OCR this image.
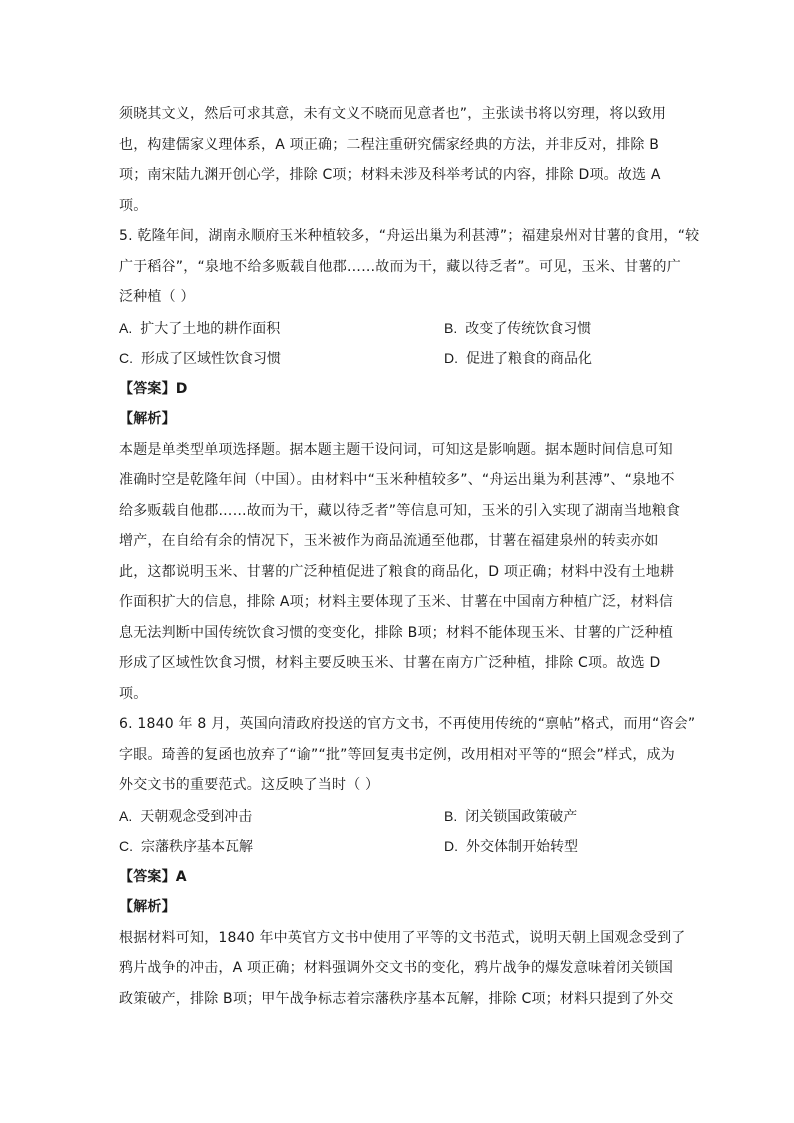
须晓其文义，然后可求其意，未有文义不晓而见意者也”，主张读书将以穷理，将以致用
也，构建儒家义理体系，A 项正确；二程注重研究儒家经典的方法，并非反对，排除 B
项；南宋陆九渊开创心学，排除 C项；材料未涉及科举考试的内容，排除 D项。故选 A
项。
5. 乾隆年间，湖南永顺府玉米种植较多，“舟运出巢为利甚溥”；福建泉州对甘薯的食用，“较
广于稻谷”，“泉地不给多贩载自他郡……故而为干，藏以待乏者”。可见，玉米、甘薯的广
泛种植（ ）
A. 扩大了土地的耕作面积	B. 改变了传统饮食习惯
C. 形成了区域性饮食习惯	D. 促进了粮食的商品化
【答案】D
【解析】
本题是单类型单项选择题。据本题主题干设问词，可知这是影响题。据本题时间信息可知
准确时空是乾隆年间（中国）。由材料中“玉米种植较多”、“舟运出巢为利甚溥”、“泉地不
给多贩载自他郡……故而为干，藏以待乏者”等信息可知，玉米的引入实现了湖南当地粮食
增产，在自给有余的情况下，玉米被作为商品流通至他郡，甘薯在福建泉州的转卖亦如
此，这都说明玉米、甘薯的广泛种植促进了粮食的商品化，D 项正确；材料中没有土地耕
作面积扩大的信息，排除 A项；材料主要体现了玉米、甘薯在中国南方种植广泛，材料信
息无法判断中国传统饮食习惯的变变化，排除 B项；材料不能体现玉米、甘薯的广泛种植
形成了区域性饮食习惯，材料主要反映玉米、甘薯在南方广泛种植，排除 C项。故选 D
项。
6. 1840 年 8 月，英国向清政府投送的官方文书，不再使用传统的“禀帖”格式，而用“咨会”
字眼。琦善的复函也放弃了“谕”“批”等回复夷书定例，改用相对平等的“照会”样式，成为
外交文书的重要范式。这反映了当时（ ）
A. 天朝观念受到冲击	B. 闭关锁国政策破产
C. 宗藩秩序基本瓦解	D. 外交体制开始转型
【答案】A
【解析】
根据材料可知，1840 年中英官方文书中使用了平等的文书范式，说明天朝上国观念受到了
鸦片战争的冲击，A 项正确；材料强调外交文书的变化，鸦片战争的爆发意味着闭关锁国
政策破产，排除 B项；甲午战争标志着宗藩秩序基本瓦解，排除 C项；材料只提到了外交
